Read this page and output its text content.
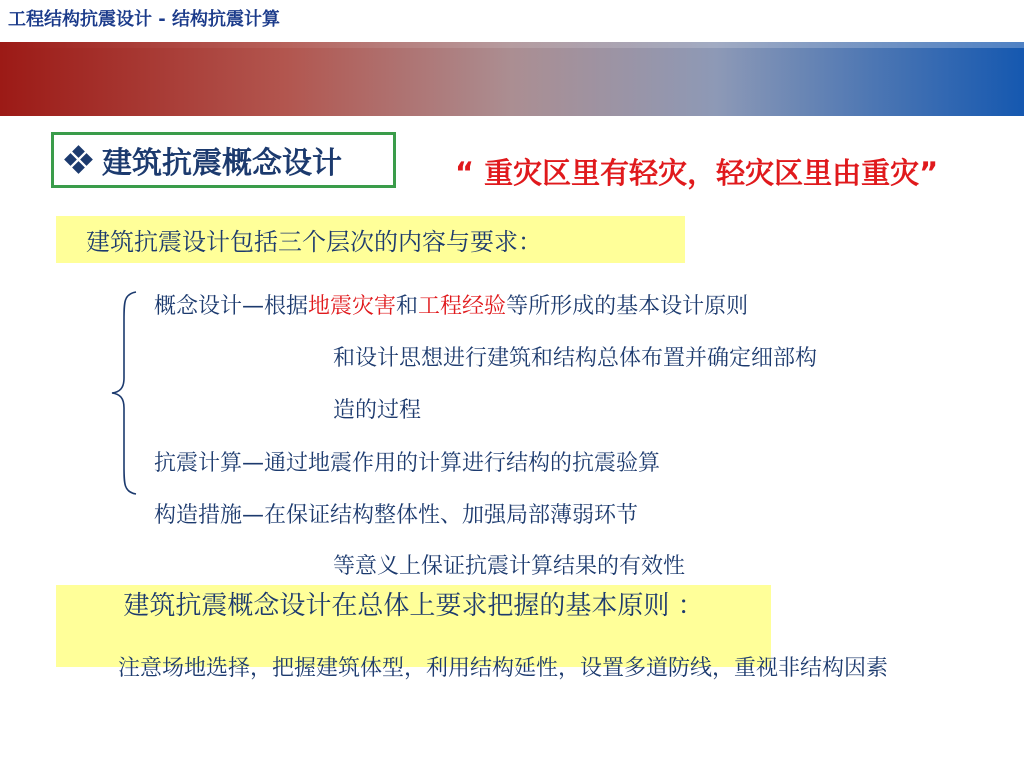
工程结构抗震设计 - 结构抗震计算
建筑抗震概念设计	“ 重灾区里有轻灾，轻灾区里由重灾”
建筑抗震设计包括三个层次的内容与要求：
概念设计—根据地震灾害和工程经验等所形成的基本设计原则
和设计思想进行建筑和结构总体布置并确定细部构
造的过程
抗震计算—通过地震作用的计算进行结构的抗震验算
构造措施—在保证结构整体性、加强局部薄弱环节
等意义上保证抗震计算结果的有效性
建筑抗震概念设计在总体上要求把握的基本原则 ：
注意场地选择，把握建筑体型，利用结构延性，设置多道防线，重视非结构因素
